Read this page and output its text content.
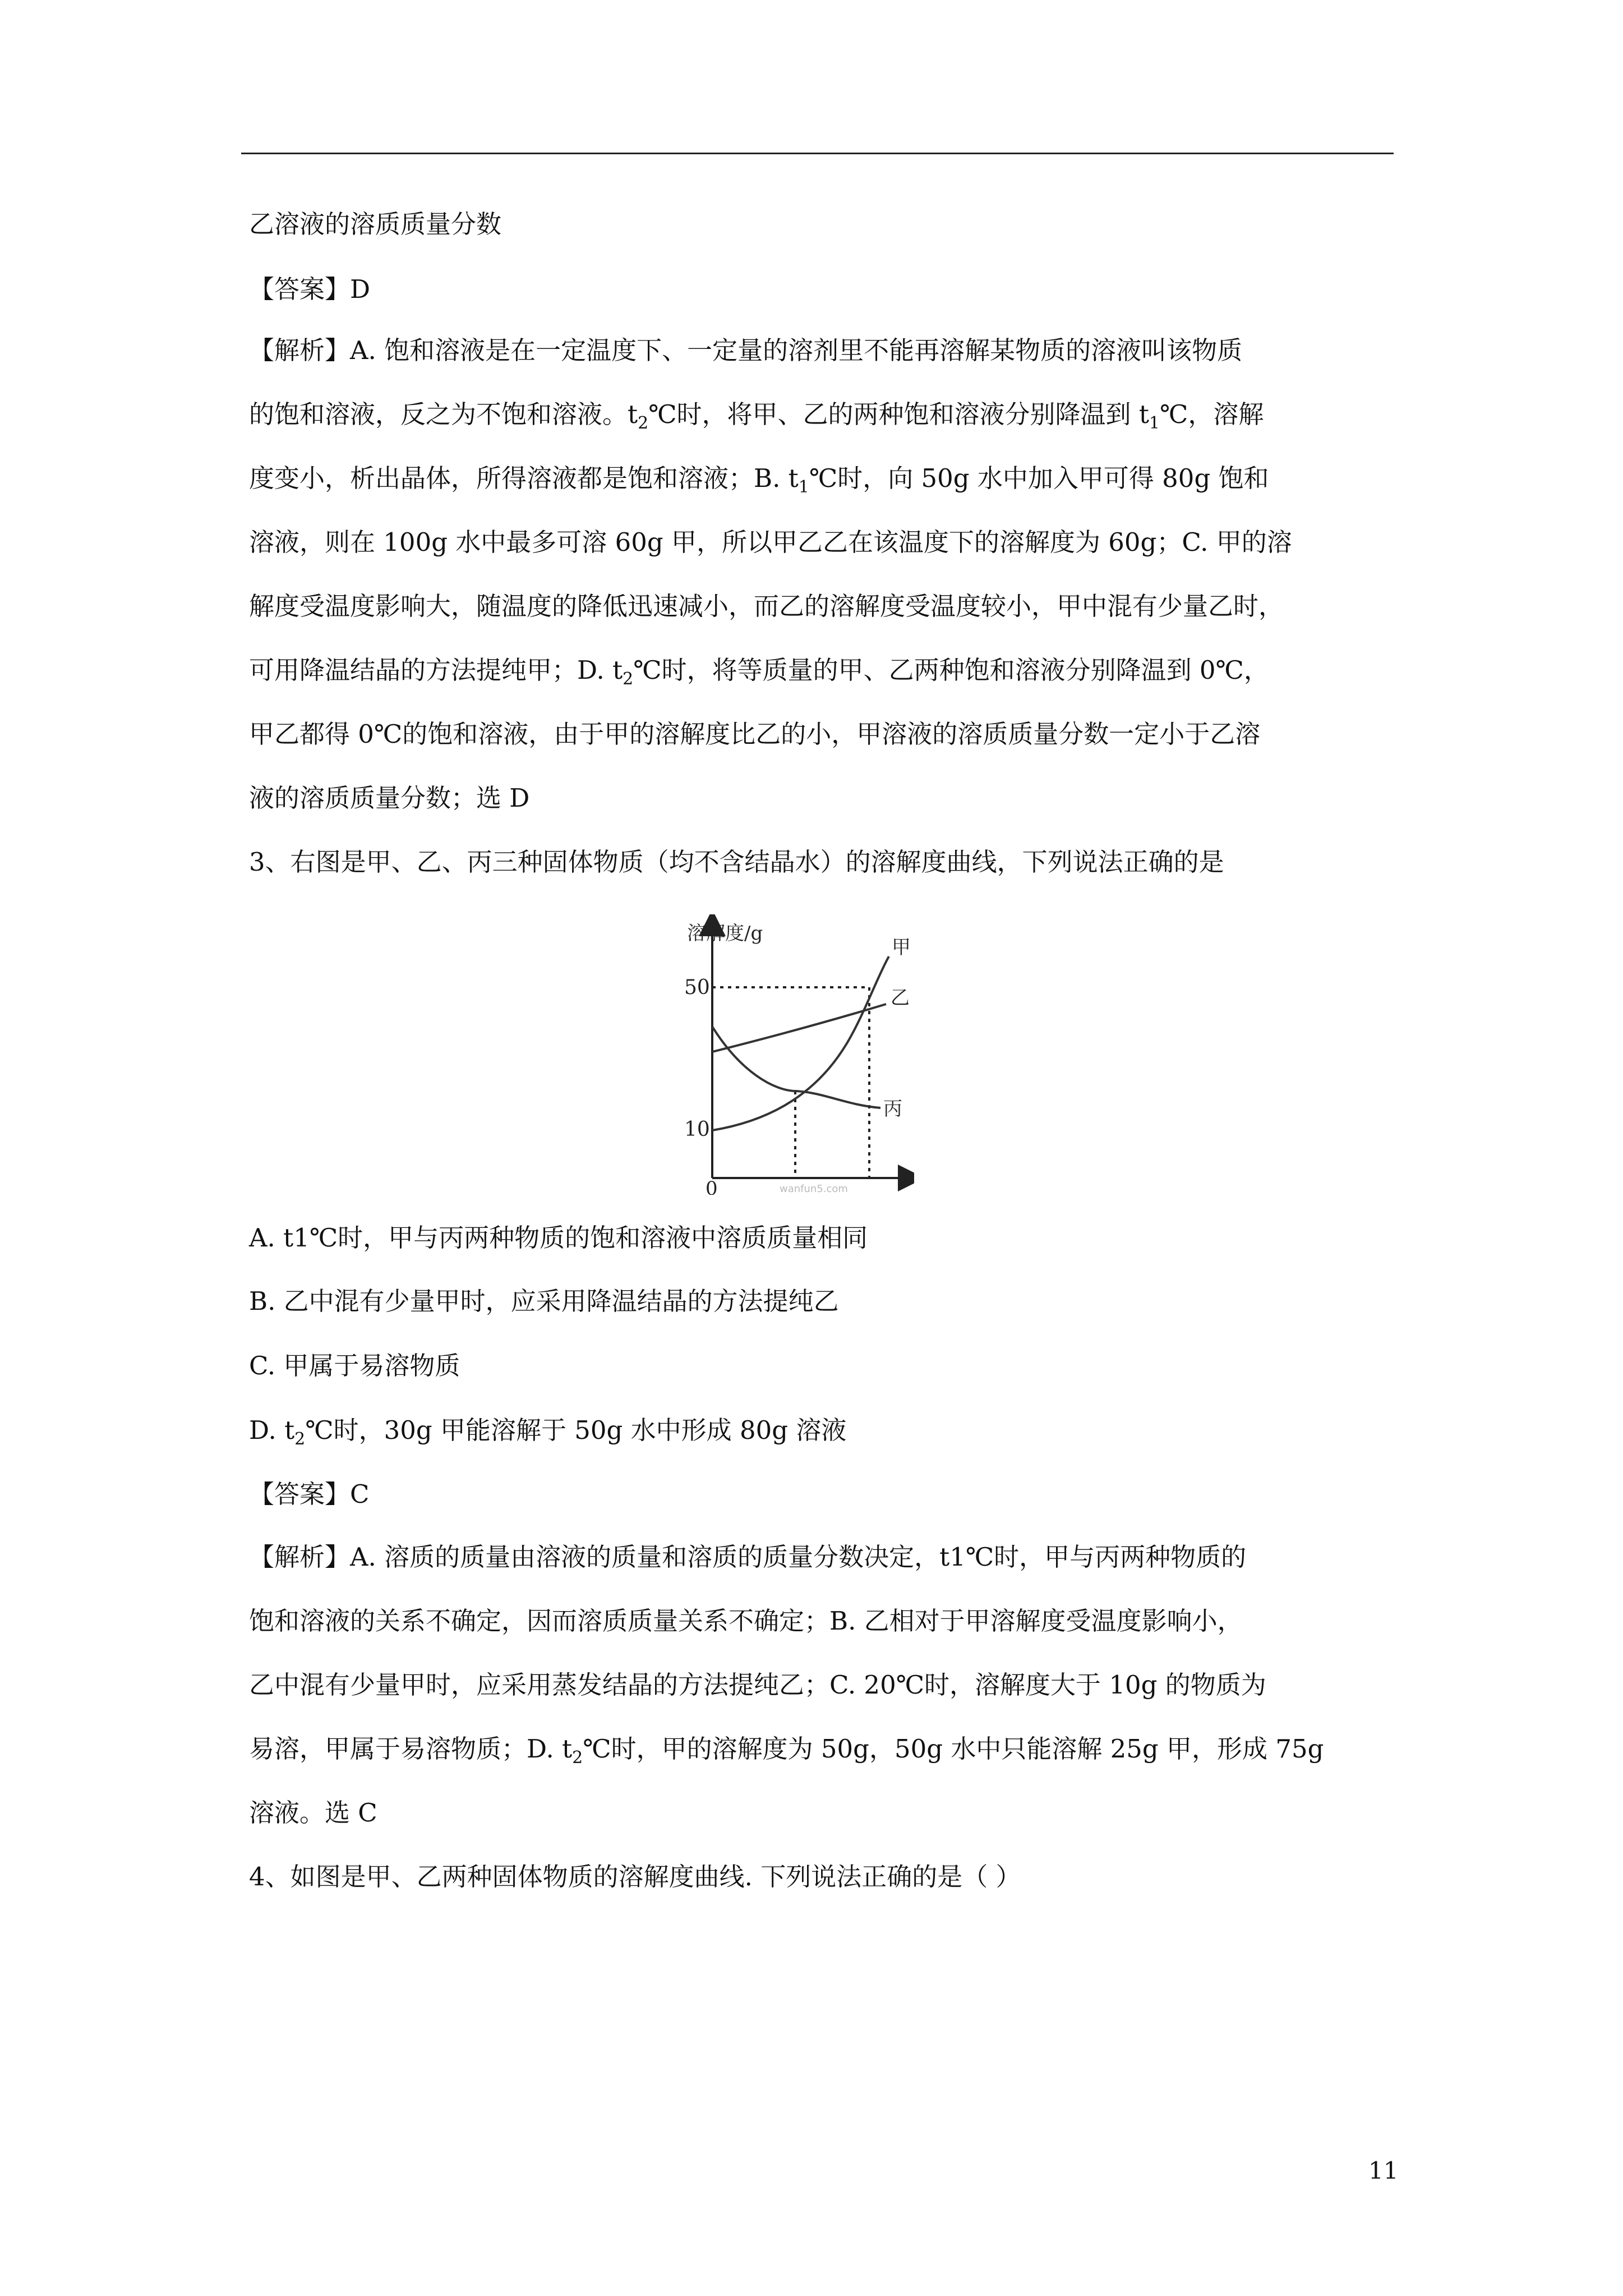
乙溶液的溶质质量分数
【答案】D
【解析】A. 饱和溶液是在一定温度下、一定量的溶剂里不能再溶解某物质的溶液叫该物质
的饱和溶液，反之为不饱和溶液。$t_2℃$时，将甲、乙的两种饱和溶液分别降温到 $t_1℃$，溶解
度变小，析出晶体，所得溶液都是饱和溶液；B. $t_1℃$时，向 50g 水中加入甲可得 80g 饱和
溶液，则在 100g 水中最多可溶 60g 甲，所以甲乙乙在该温度下的溶解度为 60g；C. 甲的溶
解度受温度影响大，随温度的降低迅速减小，而乙的溶解度受温度较小，甲中混有少量乙时，
可用降温结晶的方法提纯甲；D. $t_2℃$时，将等质量的甲、乙两种饱和溶液分别降温到 0℃，
甲乙都得 0℃的饱和溶液，由于甲的溶解度比乙的小，甲溶液的溶质质量分数一定小于乙溶
液的溶质质量分数；选 D
3、右图是甲、乙、丙三种固体物质（均不含结晶水）的溶解度曲线，下列说法正确的是
溶解度/g
50
10
0
甲
乙
丙
wanfun5.com
A. t1℃时，甲与丙两种物质的饱和溶液中溶质质量相同
B. 乙中混有少量甲时，应采用降温结晶的方法提纯乙
C. 甲属于易溶物质
D. $t_2℃$时，30g 甲能溶解于 50g 水中形成 80g 溶液
【答案】C
【解析】A. 溶质的质量由溶液的质量和溶质的质量分数决定，t1℃时，甲与丙两种物质的
饱和溶液的关系不确定，因而溶质质量关系不确定；B. 乙相对于甲溶解度受温度影响小，
乙中混有少量甲时，应采用蒸发结晶的方法提纯乙；C. 20℃时，溶解度大于 10g 的物质为
易溶，甲属于易溶物质；D. $t_2℃$时，甲的溶解度为 50g，50g 水中只能溶解 25g 甲，形成 75g
溶液。选 C
4、如图是甲、乙两种固体物质的溶解度曲线. 下列说法正确的是（ ）
11
